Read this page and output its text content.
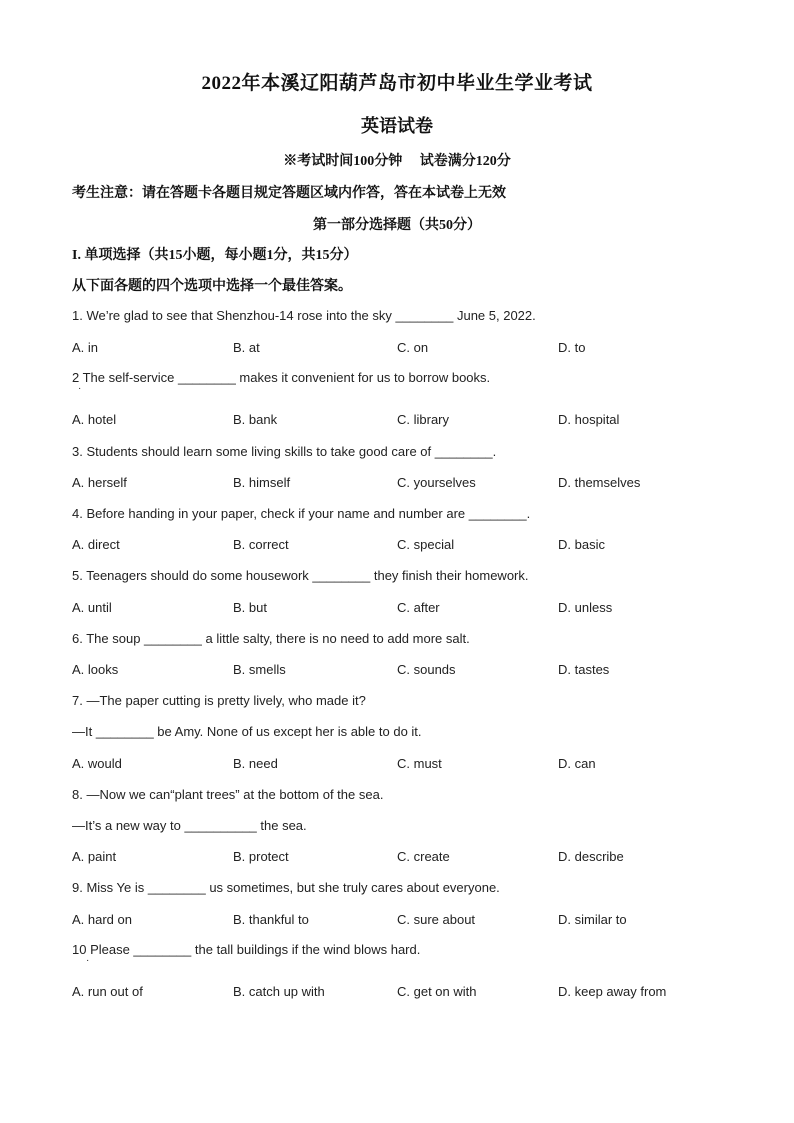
2022年本溪辽阳葫芦岛市初中毕业生学业考试
英语试卷
※考试时间100分钟　 试卷满分120分
考生注意：请在答题卡各题目规定答题区域内作答，答在本试卷上无效
第一部分选择题（共50分）
I. 单项选择（共15小题，每小题1分，共15分）
从下面各题的四个选项中选择一个最佳答案。
1. We’re glad to see that Shenzhou-14 rose into the sky ________ June 5, 2022.
A. in	B. at	C. on	D. to
2 The self-service ________ makes it convenient for us to borrow books.
·
A. hotel	B. bank	C. library	D. hospital
3. Students should learn some living skills to take good care of ________.
A. herself	B. himself	C. yourselves	D. themselves
4. Before handing in your paper, check if your name and number are ________.
A. direct	B. correct	C. special	D. basic
5. Teenagers should do some housework ________ they finish their homework.
A. until	B. but	C. after	D. unless
6. The soup ________ a little salty, there is no need to add more salt.
A. looks	B. smells	C. sounds	D. tastes
7. —The paper cutting is pretty lively, who made it?
—It ________ be Amy. None of us except her is able to do it.
A. would	B. need	C. must	D. can
8. —Now we can“plant trees” at the bottom of the sea.
—It’s a new way to __________ the sea.
A. paint	B. protect	C. create	D. describe
9. Miss Ye is ________ us sometimes, but she truly cares about everyone.
A. hard on	B. thankful to	C. sure about	D. similar to
10 Please ________ the tall buildings if the wind blows hard.
·
A. run out of	B. catch up with	C. get on with	D. keep away from
